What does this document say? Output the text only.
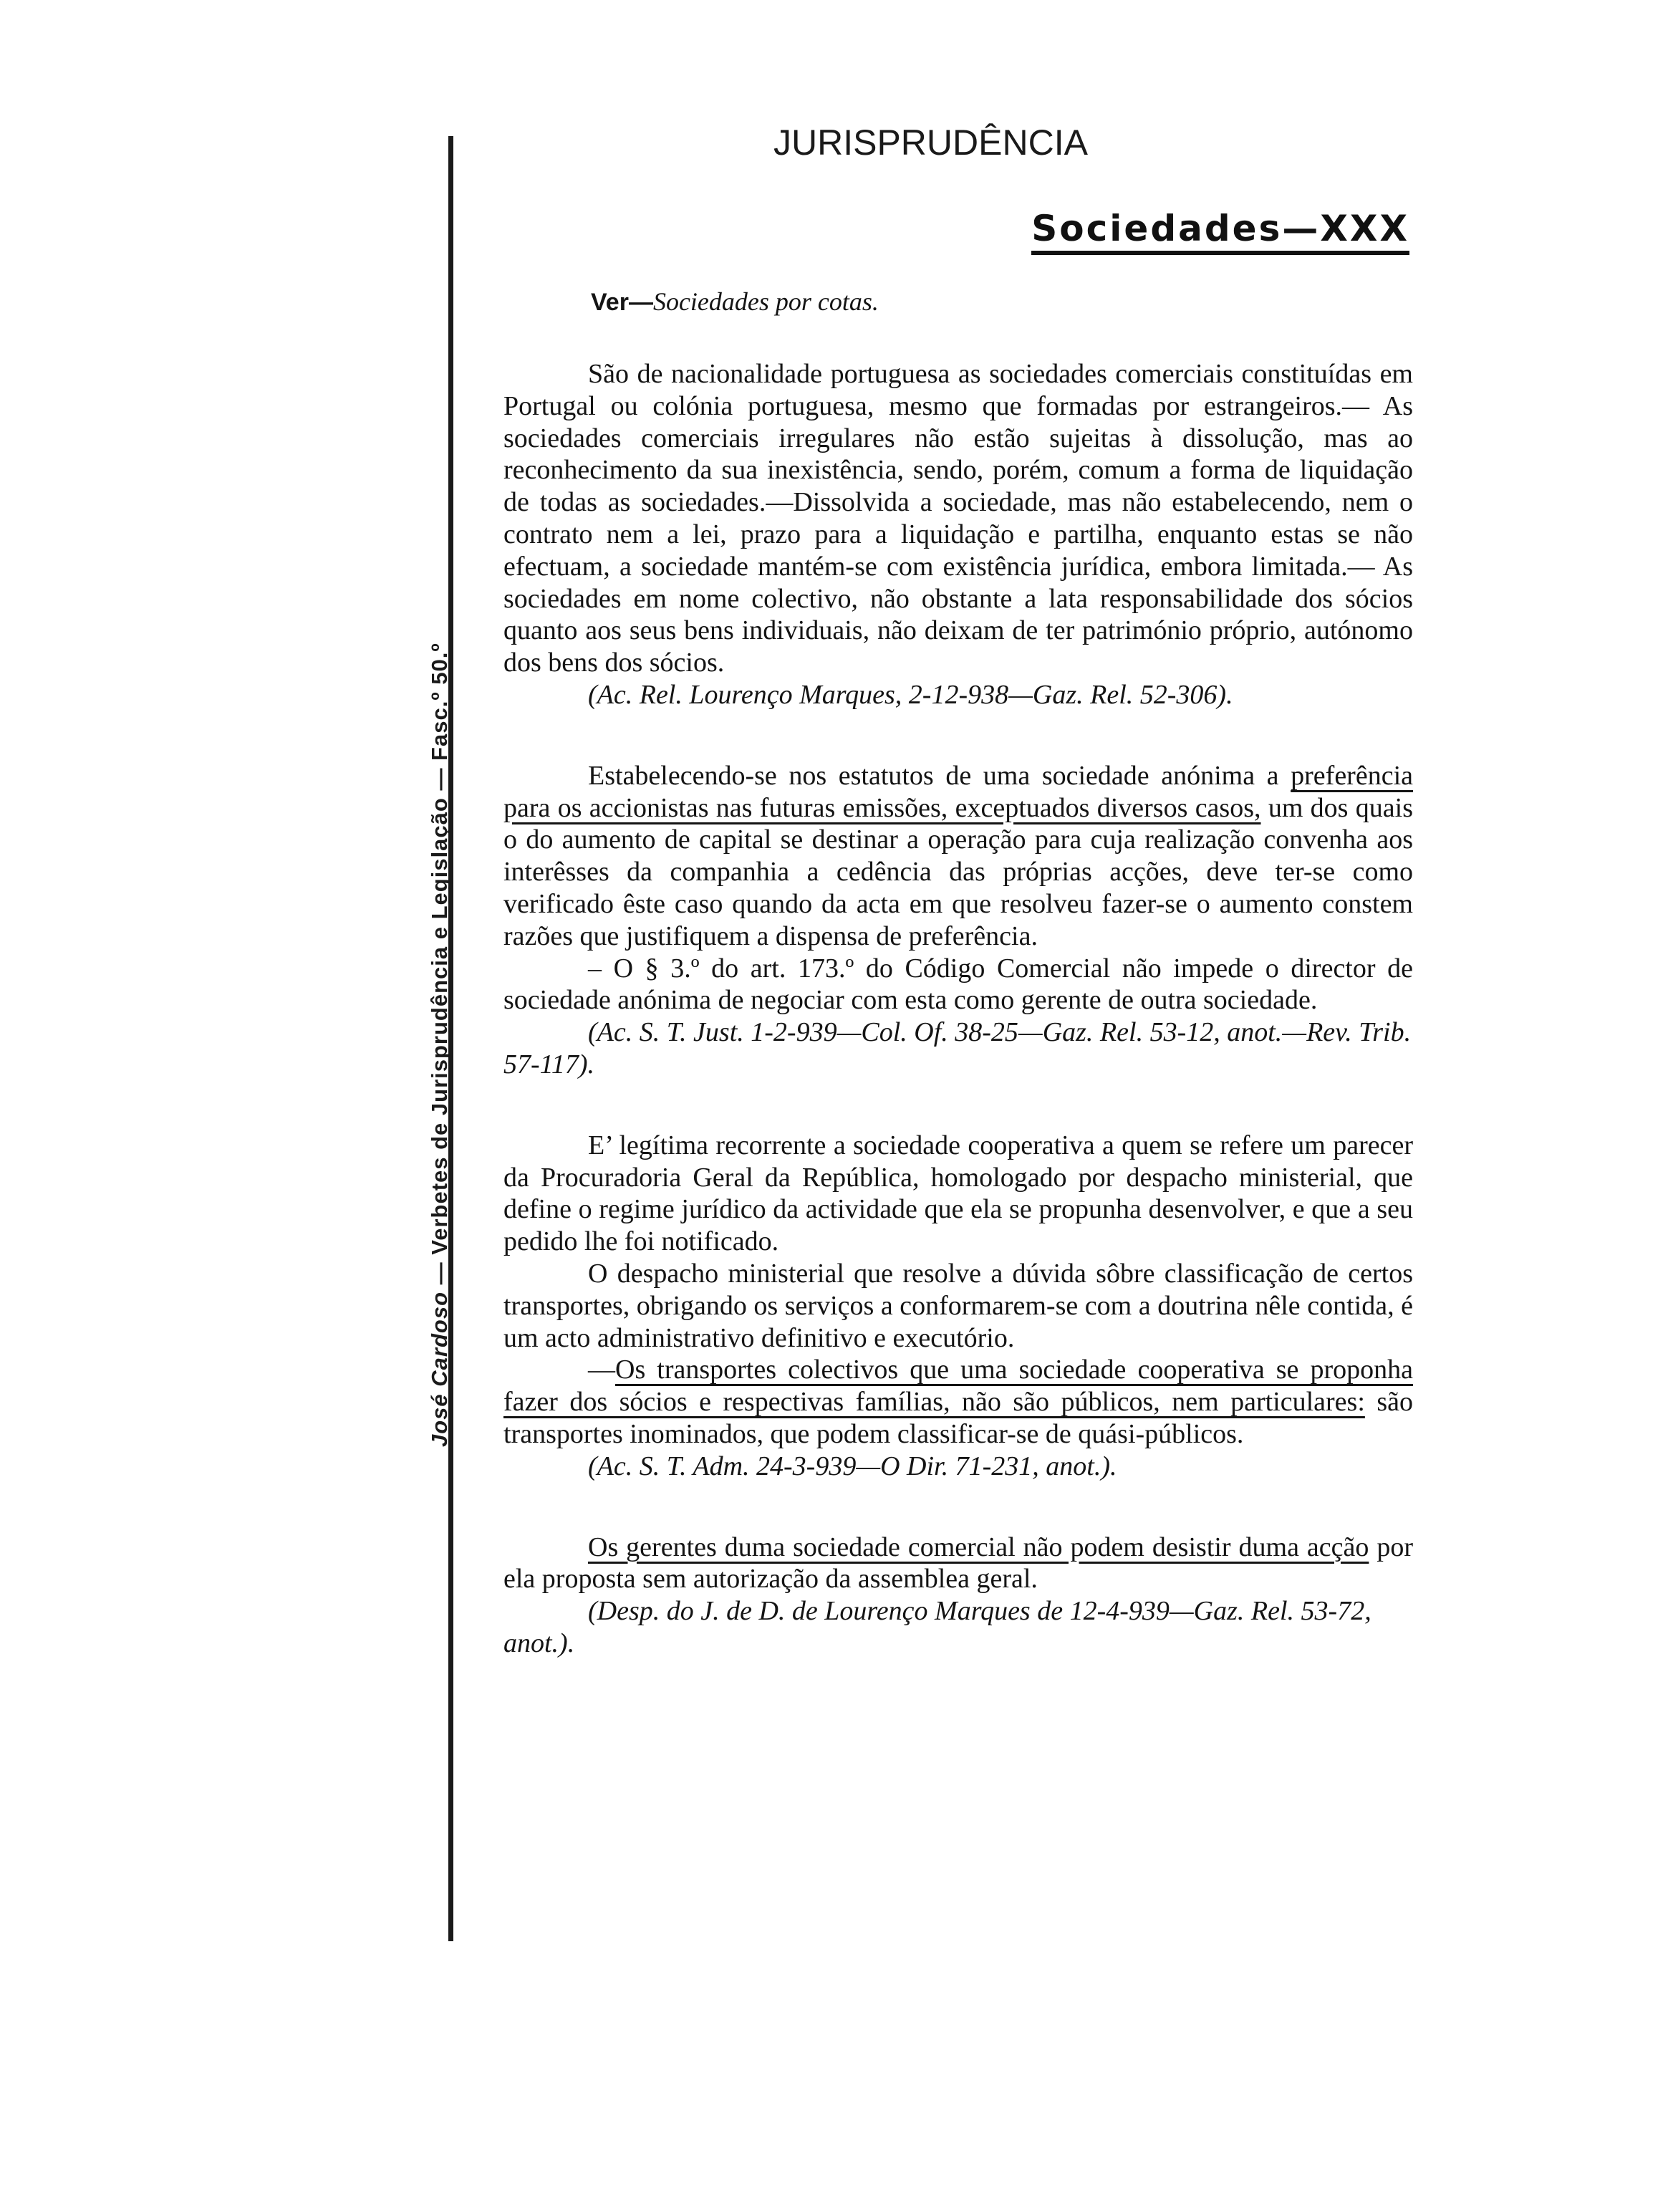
José Cardoso — Verbetes de Jurisprudência e Legislação — Fasc.º 50.º
JURISPRUDÊNCIA
Sociedades—XXX
Ver—Sociedades por cotas.

São de nacionalidade portuguesa as sociedades comerciais constituídas em Portugal ou colónia portuguesa, mesmo que formadas por estrangeiros.— As sociedades comerciais irregulares não estão sujeitas à dissolução, mas ao reconhecimento da sua inexistência, sendo, porém, comum a forma de liquidação de todas as sociedades.—Dissolvida a sociedade, mas não estabelecendo, nem o contrato nem a lei, prazo para a liquidação e partilha, enquanto estas se não efectuam, a sociedade mantém-se com existência jurídica, embora limitada.— As sociedades em nome colectivo, não obstante a lata responsabilidade dos sócios quanto aos seus bens individuais, não deixam de ter património próprio, autónomo dos bens dos sócios.

(Ac. Rel. Lourenço Marques, 2-12-938—Gaz. Rel. 52-306).

Estabelecendo-se nos estatutos de uma sociedade anónima a preferência para os accionistas nas futuras emissões, exceptuados diversos casos, um dos quais o do aumento de capital se destinar a operação para cuja realização convenha aos interêsses da companhia a cedência das próprias acções, deve ter-se como verificado êste caso quando da acta em que resolveu fazer-se o aumento constem razões que justifiquem a dispensa de preferência.

– O § 3.º do art. 173.º do Código Comercial não impede o director de sociedade anónima de negociar com esta como gerente de outra sociedade.

(Ac. S. T. Just. 1-2-939—Col. Of. 38-25—Gaz. Rel. 53-12, anot.—Rev. Trib. 57-117).

E’ legítima recorrente a sociedade cooperativa a quem se refere um parecer da Procuradoria Geral da República, homologado por despacho ministerial, que define o regime jurídico da actividade que ela se propunha desenvolver, e que a seu pedido lhe foi notificado.

O despacho ministerial que resolve a dúvida sôbre classificação de certos transportes, obrigando os serviços a conformarem-se com a doutrina nêle contida, é um acto administrativo definitivo e executório.

—Os transportes colectivos que uma sociedade cooperativa se proponha fazer dos sócios e respectivas famílias, não são públicos, nem particulares: são transportes inominados, que podem classificar-se de quási-públicos.

(Ac. S. T. Adm. 24-3-939—O Dir. 71-231, anot.).

Os gerentes duma sociedade comercial não podem desistir duma acção por ela proposta sem autorização da assemblea geral.

(Desp. do J. de D. de Lourenço Marques de 12-4-939—Gaz. Rel. 53-72, anot.).
